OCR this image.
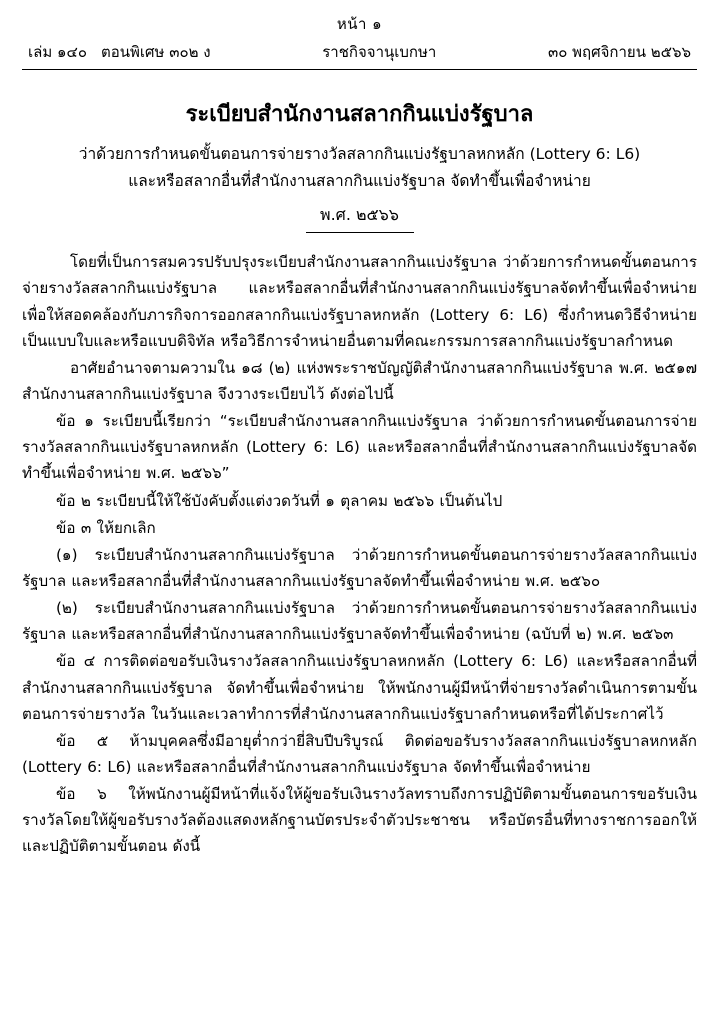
หน้า ๑
เล่ม ๑๔๐ ตอนพิเศษ ๓๐๒ ง	ราชกิจจานุเบกษา	๓๐ พฤศจิกายน ๒๕๖๖
ระเบียบสำนักงานสลากกินแบ่งรัฐบาล
ว่าด้วยการกำหนดขั้นตอนการจ่ายรางวัลสลากกินแบ่งรัฐบาลหกหลัก (Lottery 6: L6)
และหรือสลากอื่นที่สำนักงานสลากกินแบ่งรัฐบาล จัดทำขึ้นเพื่อจำหน่าย
พ.ศ. ๒๕๖๖

โดยที่เป็นการสมควรปรับปรุงระเบียบสำนักงานสลากกินแบ่งรัฐบาล ว่าด้วยการกำหนดขั้นตอนการจ่ายรางวัลสลากกินแบ่งรัฐบาล และหรือสลากอื่นที่สำนักงานสลากกินแบ่งรัฐบาลจัดทำขึ้นเพื่อจำหน่าย เพื่อให้สอดคล้องกับภารกิจการออกสลากกินแบ่งรัฐบาลหกหลัก (Lottery 6: L6) ซึ่งกำหนดวิธีจำหน่ายเป็นแบบใบและหรือแบบดิจิทัล หรือวิธีการจำหน่ายอื่นตามที่คณะกรรมการสลากกินแบ่งรัฐบาลกำหนด

อาศัยอำนาจตามความใน ๑๘ (๒) แห่งพระราชบัญญัติสำนักงานสลากกินแบ่งรัฐบาล พ.ศ. ๒๕๑๗ สำนักงานสลากกินแบ่งรัฐบาล จึงวางระเบียบไว้ ดังต่อไปนี้

ข้อ ๑ ระเบียบนี้เรียกว่า “ระเบียบสำนักงานสลากกินแบ่งรัฐบาล ว่าด้วยการกำหนดขั้นตอนการจ่ายรางวัลสลากกินแบ่งรัฐบาลหกหลัก (Lottery 6: L6) และหรือสลากอื่นที่สำนักงานสลากกินแบ่งรัฐบาลจัดทำขึ้นเพื่อจำหน่าย พ.ศ. ๒๕๖๖”

ข้อ ๒ ระเบียบนี้ให้ใช้บังคับตั้งแต่งวดวันที่ ๑ ตุลาคม ๒๕๖๖ เป็นต้นไป

ข้อ ๓ ให้ยกเลิก

(๑) ระเบียบสำนักงานสลากกินแบ่งรัฐบาล ว่าด้วยการกำหนดขั้นตอนการจ่ายรางวัลสลากกินแบ่งรัฐบาล และหรือสลากอื่นที่สำนักงานสลากกินแบ่งรัฐบาลจัดทำขึ้นเพื่อจำหน่าย พ.ศ. ๒๕๖๐

(๒) ระเบียบสำนักงานสลากกินแบ่งรัฐบาล ว่าด้วยการกำหนดขั้นตอนการจ่ายรางวัลสลากกินแบ่งรัฐบาล และหรือสลากอื่นที่สำนักงานสลากกินแบ่งรัฐบาลจัดทำขึ้นเพื่อจำหน่าย (ฉบับที่ ๒) พ.ศ. ๒๕๖๓

ข้อ ๔ การติดต่อขอรับเงินรางวัลสลากกินแบ่งรัฐบาลหกหลัก (Lottery 6: L6) และหรือสลากอื่นที่สำนักงานสลากกินแบ่งรัฐบาล จัดทำขึ้นเพื่อจำหน่าย ให้พนักงานผู้มีหน้าที่จ่ายรางวัลดำเนินการตามขั้นตอนการจ่ายรางวัล ในวันและเวลาทำการที่สำนักงานสลากกินแบ่งรัฐบาลกำหนดหรือที่ได้ประกาศไว้

ข้อ ๕ ห้ามบุคคลซึ่งมีอายุต่ำกว่ายี่สิบปีบริบูรณ์ ติดต่อขอรับรางวัลสลากกินแบ่งรัฐบาลหกหลัก (Lottery 6: L6) และหรือสลากอื่นที่สำนักงานสลากกินแบ่งรัฐบาล จัดทำขึ้นเพื่อจำหน่าย

ข้อ ๖ ให้พนักงานผู้มีหน้าที่แจ้งให้ผู้ขอรับเงินรางวัลทราบถึงการปฏิบัติตามขั้นตอนการขอรับเงินรางวัลโดยให้ผู้ขอรับรางวัลต้องแสดงหลักฐานบัตรประจำตัวประชาชน หรือบัตรอื่นที่ทางราชการออกให้ และปฏิบัติตามขั้นตอน ดังนี้
